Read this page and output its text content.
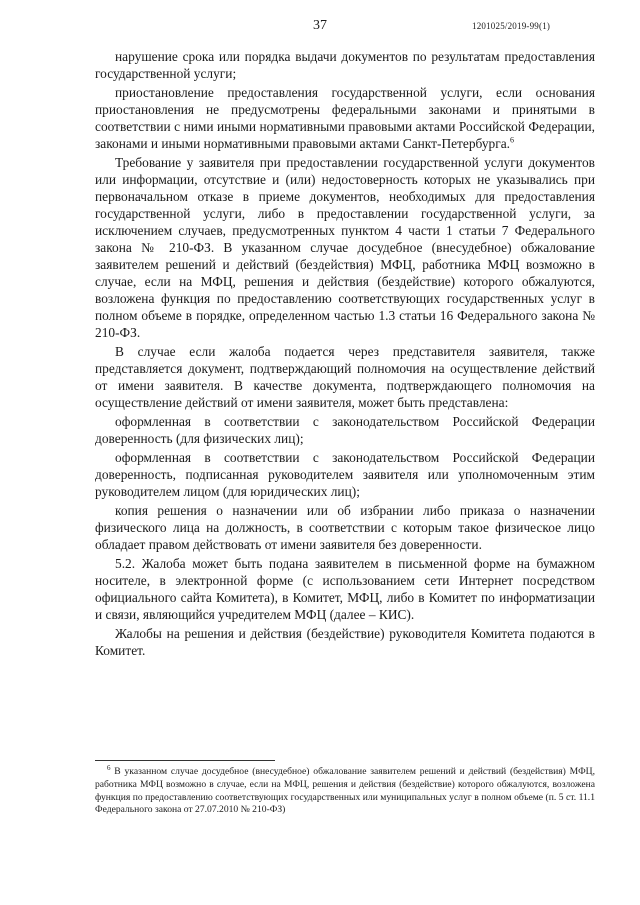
37	1201025/2019-99(1)

нарушение срока или порядка выдачи документов по результатам предоставления государственной услуги;

приостановление предоставления государственной услуги, если основания приостановления не предусмотрены федеральными законами и принятыми в соответствии с ними иными нормативными правовыми актами Российской Федерации, законами и иными нормативными правовыми актами Санкт-Петербурга.$^6$

Требование у заявителя при предоставлении государственной услуги документов или информации, отсутствие и (или) недостоверность которых не указывались при первоначальном отказе в приеме документов, необходимых для предоставления государственной услуги, либо в предоставлении государственной услуги, за исключением случаев, предусмотренных пунктом 4 части 1 статьи 7 Федерального закона № 210-ФЗ. В указанном случае досудебное (внесудебное) обжалование заявителем решений и действий (бездействия) МФЦ, работника МФЦ возможно в случае, если на МФЦ, решения и действия (бездействие) которого обжалуются, возложена функция по предоставлению соответствующих государственных услуг в полном объеме в порядке, определенном частью 1.3 статьи 16 Федерального закона № 210-ФЗ.

В случае если жалоба подается через представителя заявителя, также представляется документ, подтверждающий полномочия на осуществление действий от имени заявителя. В качестве документа, подтверждающего полномочия на осуществление действий от имени заявителя, может быть представлена:

оформленная в соответствии с законодательством Российской Федерации доверенность (для физических лиц);

оформленная в соответствии с законодательством Российской Федерации доверенность, подписанная руководителем заявителя или уполномоченным этим руководителем лицом (для юридических лиц);

копия решения о назначении или об избрании либо приказа о назначении физического лица на должность, в соответствии с которым такое физическое лицо обладает правом действовать от имени заявителя без доверенности.

5.2. Жалоба может быть подана заявителем в письменной форме на бумажном носителе, в электронной форме (с использованием сети Интернет посредством официального сайта Комитета), в Комитет, МФЦ, либо в Комитет по информатизации и связи, являющийся учредителем МФЦ (далее – КИС).

Жалобы на решения и действия (бездействие) руководителя Комитета подаются в Комитет.

$^6$ В указанном случае досудебное (внесудебное) обжалование заявителем решений и действий (бездействия) МФЦ, работника МФЦ возможно в случае, если на МФЦ, решения и действия (бездействие) которого обжалуются, возложена функция по предоставлению соответствующих государственных или муниципальных услуг в полном объеме (п. 5 ст. 11.1 Федерального закона от 27.07.2010 № 210-ФЗ)
